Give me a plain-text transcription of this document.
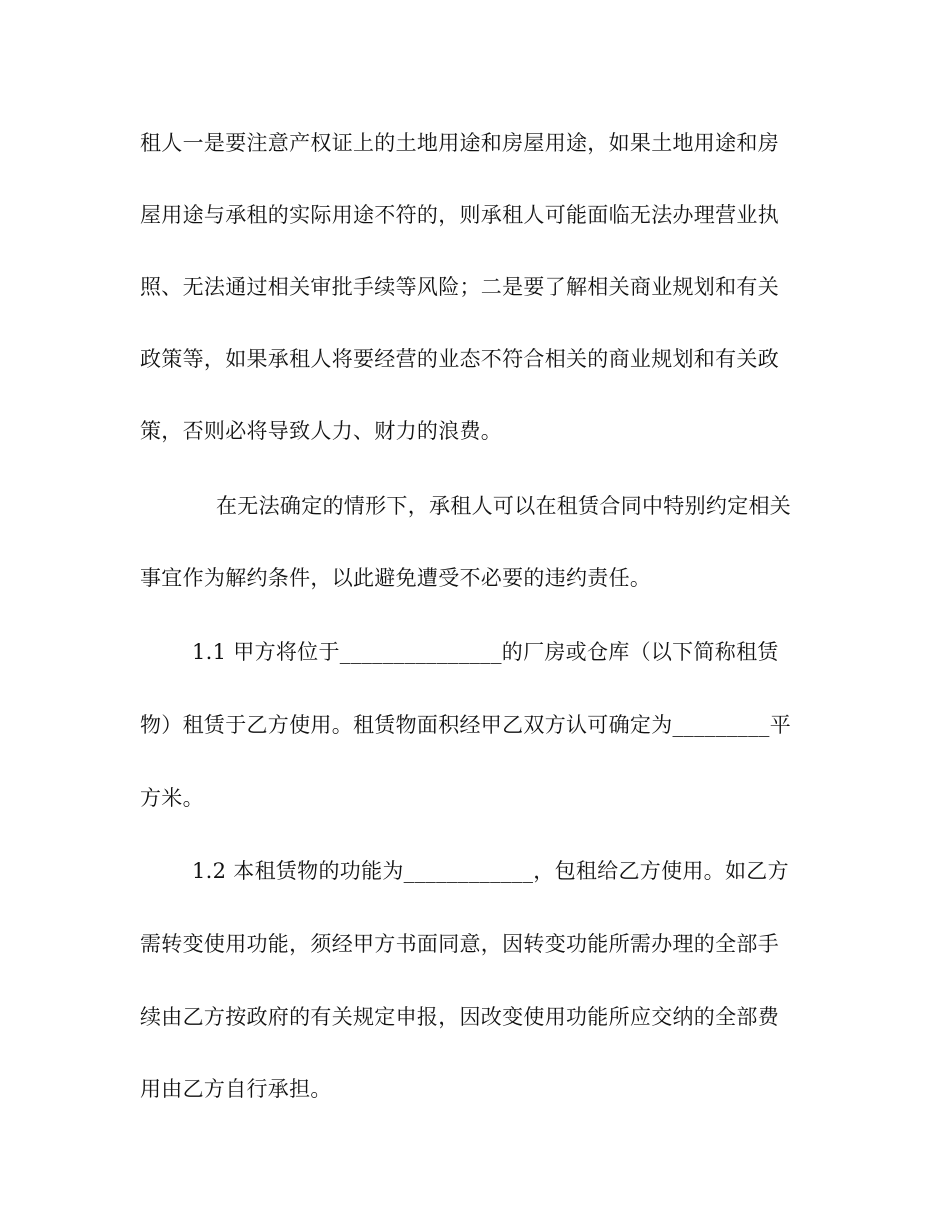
租人一是要注意产权证上的土地用途和房屋用途，如果土地用途和房
屋用途与承租的实际用途不符的，则承租人可能面临无法办理营业执
照、无法通过相关审批手续等风险；二是要了解相关商业规划和有关
政策等，如果承租人将要经营的业态不符合相关的商业规划和有关政
策，否则必将导致人力、财力的浪费。
在无法确定的情形下，承租人可以在租赁合同中特别约定相关
事宜作为解约条件，以此避免遭受不必要的违约责任。
1.1 甲方将位于_______________的厂房或仓库（以下简称租赁
物）租赁于乙方使用。租赁物面积经甲乙双方认可确定为_________平
方米。
1.2 本租赁物的功能为____________，包租给乙方使用。如乙方
需转变使用功能，须经甲方书面同意，因转变功能所需办理的全部手
续由乙方按政府的有关规定申报，因改变使用功能所应交纳的全部费
用由乙方自行承担。
